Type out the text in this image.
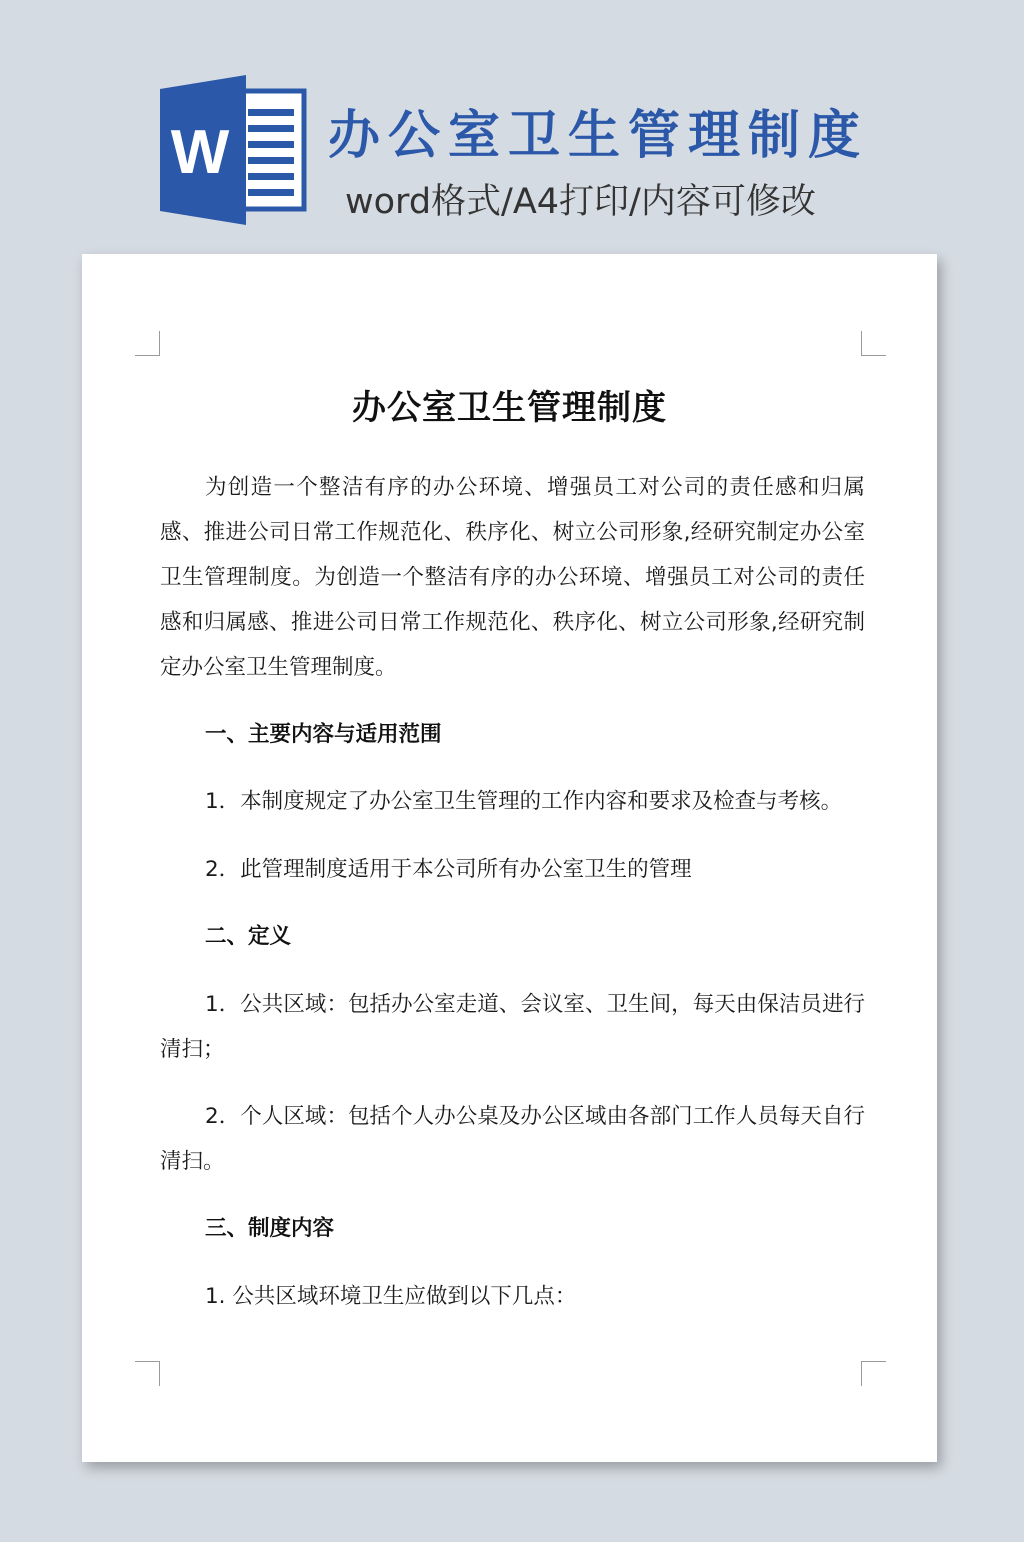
W 办公室卫生管理制度

word格式/A4打印/内容可修改

办公室卫生管理制度

为创造一个整洁有序的办公环境、增强员工对公司的责任感和归属感、推进公司日常工作规范化、秩序化、树立公司形象,经研究制定办公室卫生管理制度。为创造一个整洁有序的办公环境、增强员工对公司的责任感和归属感、推进公司日常工作规范化、秩序化、树立公司形象,经研究制定办公室卫生管理制度。

一、主要内容与适用范围

1．本制度规定了办公室卫生管理的工作内容和要求及检查与考核。

2．此管理制度适用于本公司所有办公室卫生的管理

二、定义

1．公共区域：包括办公室走道、会议室、卫生间，每天由保洁员进行清扫；

2．个人区域：包括个人办公桌及办公区域由各部门工作人员每天自行清扫。

三、制度内容

1. 公共区域环境卫生应做到以下几点：
